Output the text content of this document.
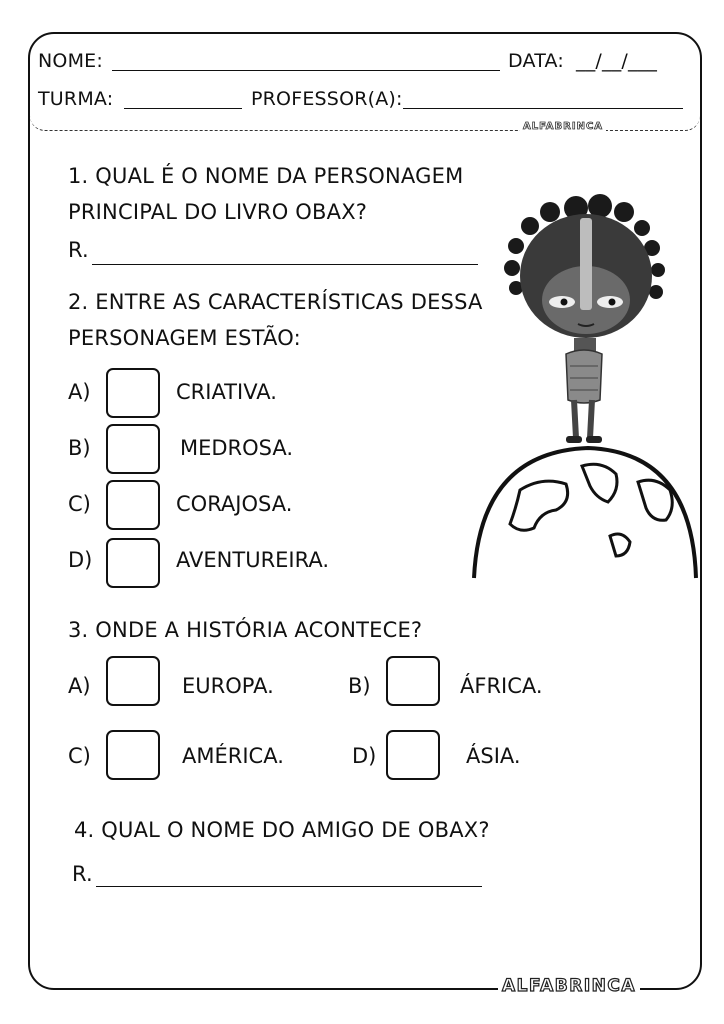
NOME:	DATA: __/__/___
TURMA:	PROFESSOR(A):
ALFABRINCA
1. QUAL É O NOME DA PERSONAGEM
PRINCIPAL DO LIVRO OBAX?
R.
2. ENTRE AS CARACTERÍSTICAS DESSA
PERSONAGEM ESTÃO:
A)	CRIATIVA.
B)	MEDROSA.
C)	CORAJOSA.
D)	AVENTUREIRA.
3. ONDE A HISTÓRIA ACONTECE?
A)	EUROPA.	B)	ÁFRICA.
C)	AMÉRICA.	D)	ÁSIA.
4. QUAL O NOME DO AMIGO DE OBAX?
R.
ALFABRINCA
